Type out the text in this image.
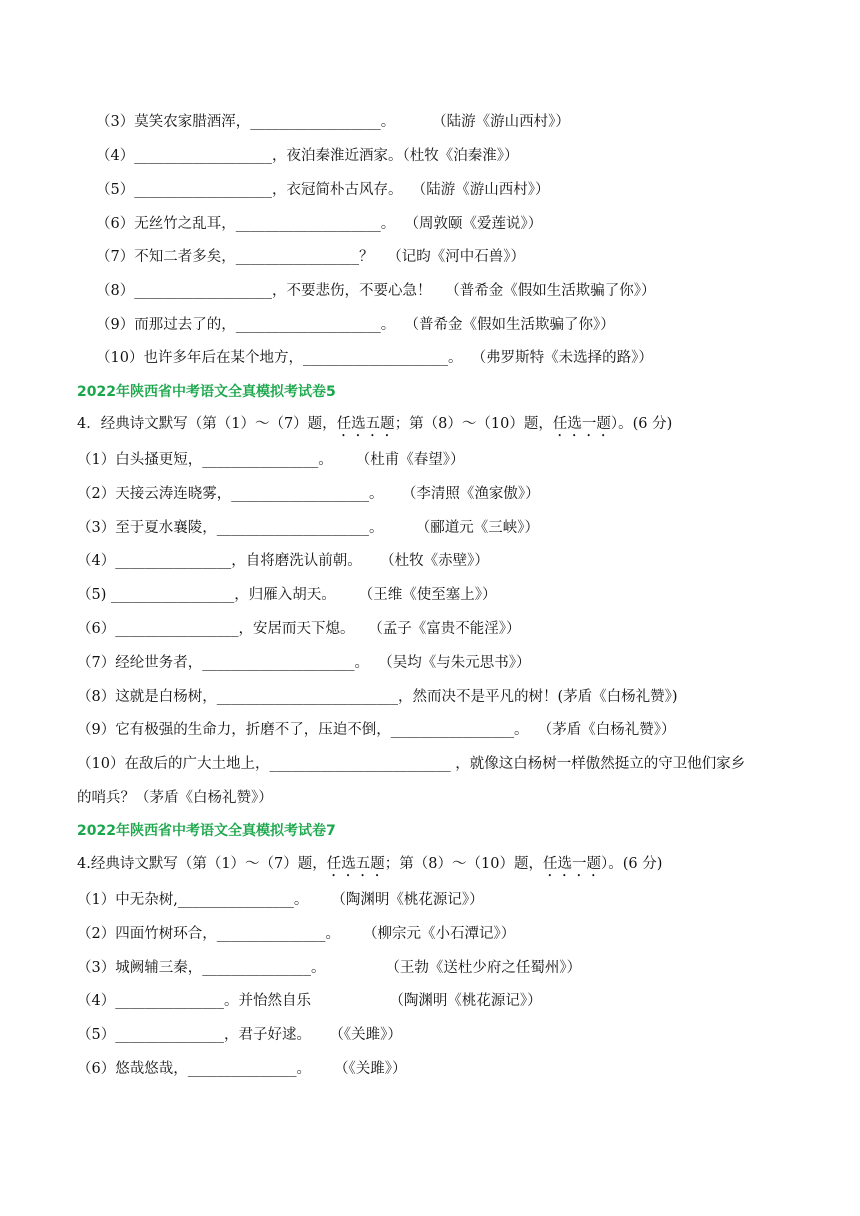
（3）莫笑农家腊酒浑，__________________。        （陆游《游山西村》）
（4）___________________，夜泊秦淮近酒家。（杜牧《泊秦淮》）
（5）___________________，衣冠简朴古风存。  （陆游《游山西村》）
（6）无丝竹之乱耳，____________________。  （周敦颐《爱莲说》）
（7）不知二者多矣，_________________？   （记昀《河中石兽》）
（8）___________________，不要悲伤，不要心急！   （普希金《假如生活欺骗了你》）
（9）而那过去了的，____________________。  （普希金《假如生活欺骗了你》）
（10）也许多年后在某个地方，____________________。  （弗罗斯特《未选择的路》）
2022年陕西省中考语文全真模拟考试卷5
4．经典诗文默写（第（1）～（7）题，任选五题；第（8）～（10）题，任选一题）。(6 分)
（1）白头搔更短，________________。     （杜甫《春望》）
（2）天接云涛连晓雾，___________________。    （李清照《渔家傲》）
（3）至于夏水襄陵，_____________________。       （郦道元《三峡》）
（4）________________，自将磨洗认前朝。    （杜牧《赤壁》）
（5) _________________，归雁入胡天。     （王维《使至塞上》）
（6）_________________，安居而天下熄。   （孟子《富贵不能淫》）
（7）经纶世务者，_____________________。  （吴均《与朱元思书》）
（8）这就是白杨树，_________________________，然而决不是平凡的树！(茅盾《白杨礼赞》)
（9）它有极强的生命力，折磨不了，压迫不倒，_________________。  （茅盾《白杨礼赞》）
（10）在敌后的广大土地上，_________________________ ，就像这白杨树一样傲然挺立的守卫他们家乡
的哨兵？（茅盾《白杨礼赞》）
2022年陕西省中考语文全真模拟考试卷7
4.经典诗文默写（第（1）～（7）题，任选五题；第（8）～（10）题，任选一题）。(6 分)
（1）中无杂树,________________。     （陶渊明《桃花源记》）
（2）四面竹树环合，_______________。     （柳宗元《小石潭记》）
（3）城阙辅三秦，_______________。             （王勃《送杜少府之任蜀州》）
（4）_______________。并怡然自乐                 （陶渊明《桃花源记》）
（5）_______________，君子好逑。    （《关雎》）
（6）悠哉悠哉，_______________。     （《关雎》）
